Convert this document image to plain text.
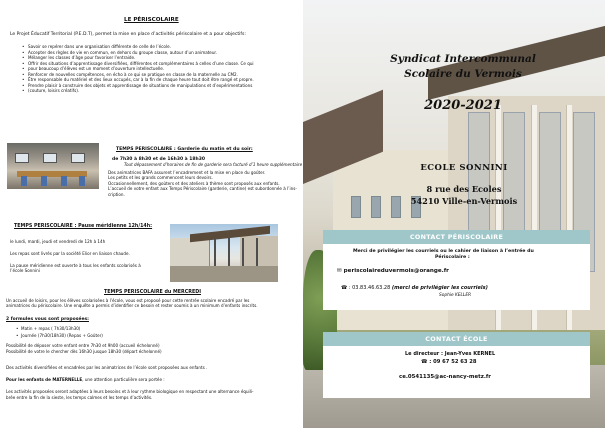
LE PÉRISCOLAIRE
Le Projet Éducatif Territorial (P.E.D.T), permet la mise en place d’activités périscolaire et a pour objectifs:
• Savoir se repérer dans une organisation différente de celle de l’école.
• Accepter des règles de vie en commun, en dehors du groupe classe, autour d’un animateur.
• Mélanger les classes d’âge pour favoriser l’entraide.
• Offrir des situations d’apprentissage diversifiées, différentes et complémentaires à celles d’une classe. Ce qui
• pour beaucoup d’élèves est un moment d’ouverture intellectuelle.
• Renforcer de nouvelles compétences, en écho à ce qui se pratique en classe de la maternelle au CM2.
• Être responsable du matériel et des lieux occupés, car à la fin de chaque heure tout doit être rangé et propre.
• Prendre plaisir à construire des objets et apprentissage de situations de manipulations et d’expérimentations
• (couture, loisirs créatifs).
TEMPS PERISCOLAIRE : Garderie du matin et du soir:
de 7h30 à 8h30 et de 16h30 à 18h30
Tout dépassement d’horaires de fin de garderie sera facturé d’1 heure supplémentaire
Des animatrices BAFA assurent l’encadrement et la mise en place du goûter.
Les petits et les grands commencent leurs devoirs.
Occasionnellement, des goûters et des ateliers à thème sont proposés aux enfants.
L’accueil de votre enfant aux Temps Périscolaire (garderie, cantine) est subordonnée à l’ins-
cription.
TEMPS PERISCOLAIRE : Pause méridienne 12h/14h:
le lundi, mardi, jeudi et vendredi de 12h à 14h
Les repas sont livrés par la société Elior en liaison chaude.
La pause méridienne est ouverte à tous les enfants scolarisés à
l’école Sonnini
TEMPS PERISCOLAIRE du MERCREDI
Un accueil de loisirs, pour les élèves scolarisées à l’école, vous est proposé pour cette rentrée scolaire encadré par les
animatrices du périscolaire. Une enquête a permis d’identifier ce besoin et rester soumis à un minimum d’enfants inscrits.
2 formules vous sont proposées:
•  Matin + repas ( 7h30/13h30)
•  Journée (7h30/18h30) (Repas + Goûter)
Possibilité de déposer votre enfant entre 7h30 et 9h00 (accueil échelonné)
Possibilité de votre le chercher dès 16h30 jusque 18h30 (départ échelonné)
Des activités diversifiées et encadrées par les animatrices de l’école sont proposées aux enfants .
Pour les enfants de MATERNELLE, une attention particulière sera portée :
Les activités proposées seront adaptées à leurs besoins et à leur rythme biologique en respectant une alternance équili-
brée entre la fin de la sieste, les temps calmes et les temps d’activités.
Syndicat Intercommunal
Scolaire du Vermois
2020-2021
ECOLE SONNINI
8 rue des Ecoles
54210 Ville-en-Vermois
CONTACT PÉRISCOLAIRE
Merci de privilégier les courriels ou le cahier de liaison à l’entrée du
Périscolaire :
✉ periscolaireduvermois@orange.fr
☎ : 03.83.46.63.28 (merci de privilégier les courriels)
Sophie KELLER
CONTACT ÉCOLE
Le directeur : Jean-Yves KERNEL
☎ : 09 67 52 63 28
ce.0541135@ac-nancy-metz.fr
